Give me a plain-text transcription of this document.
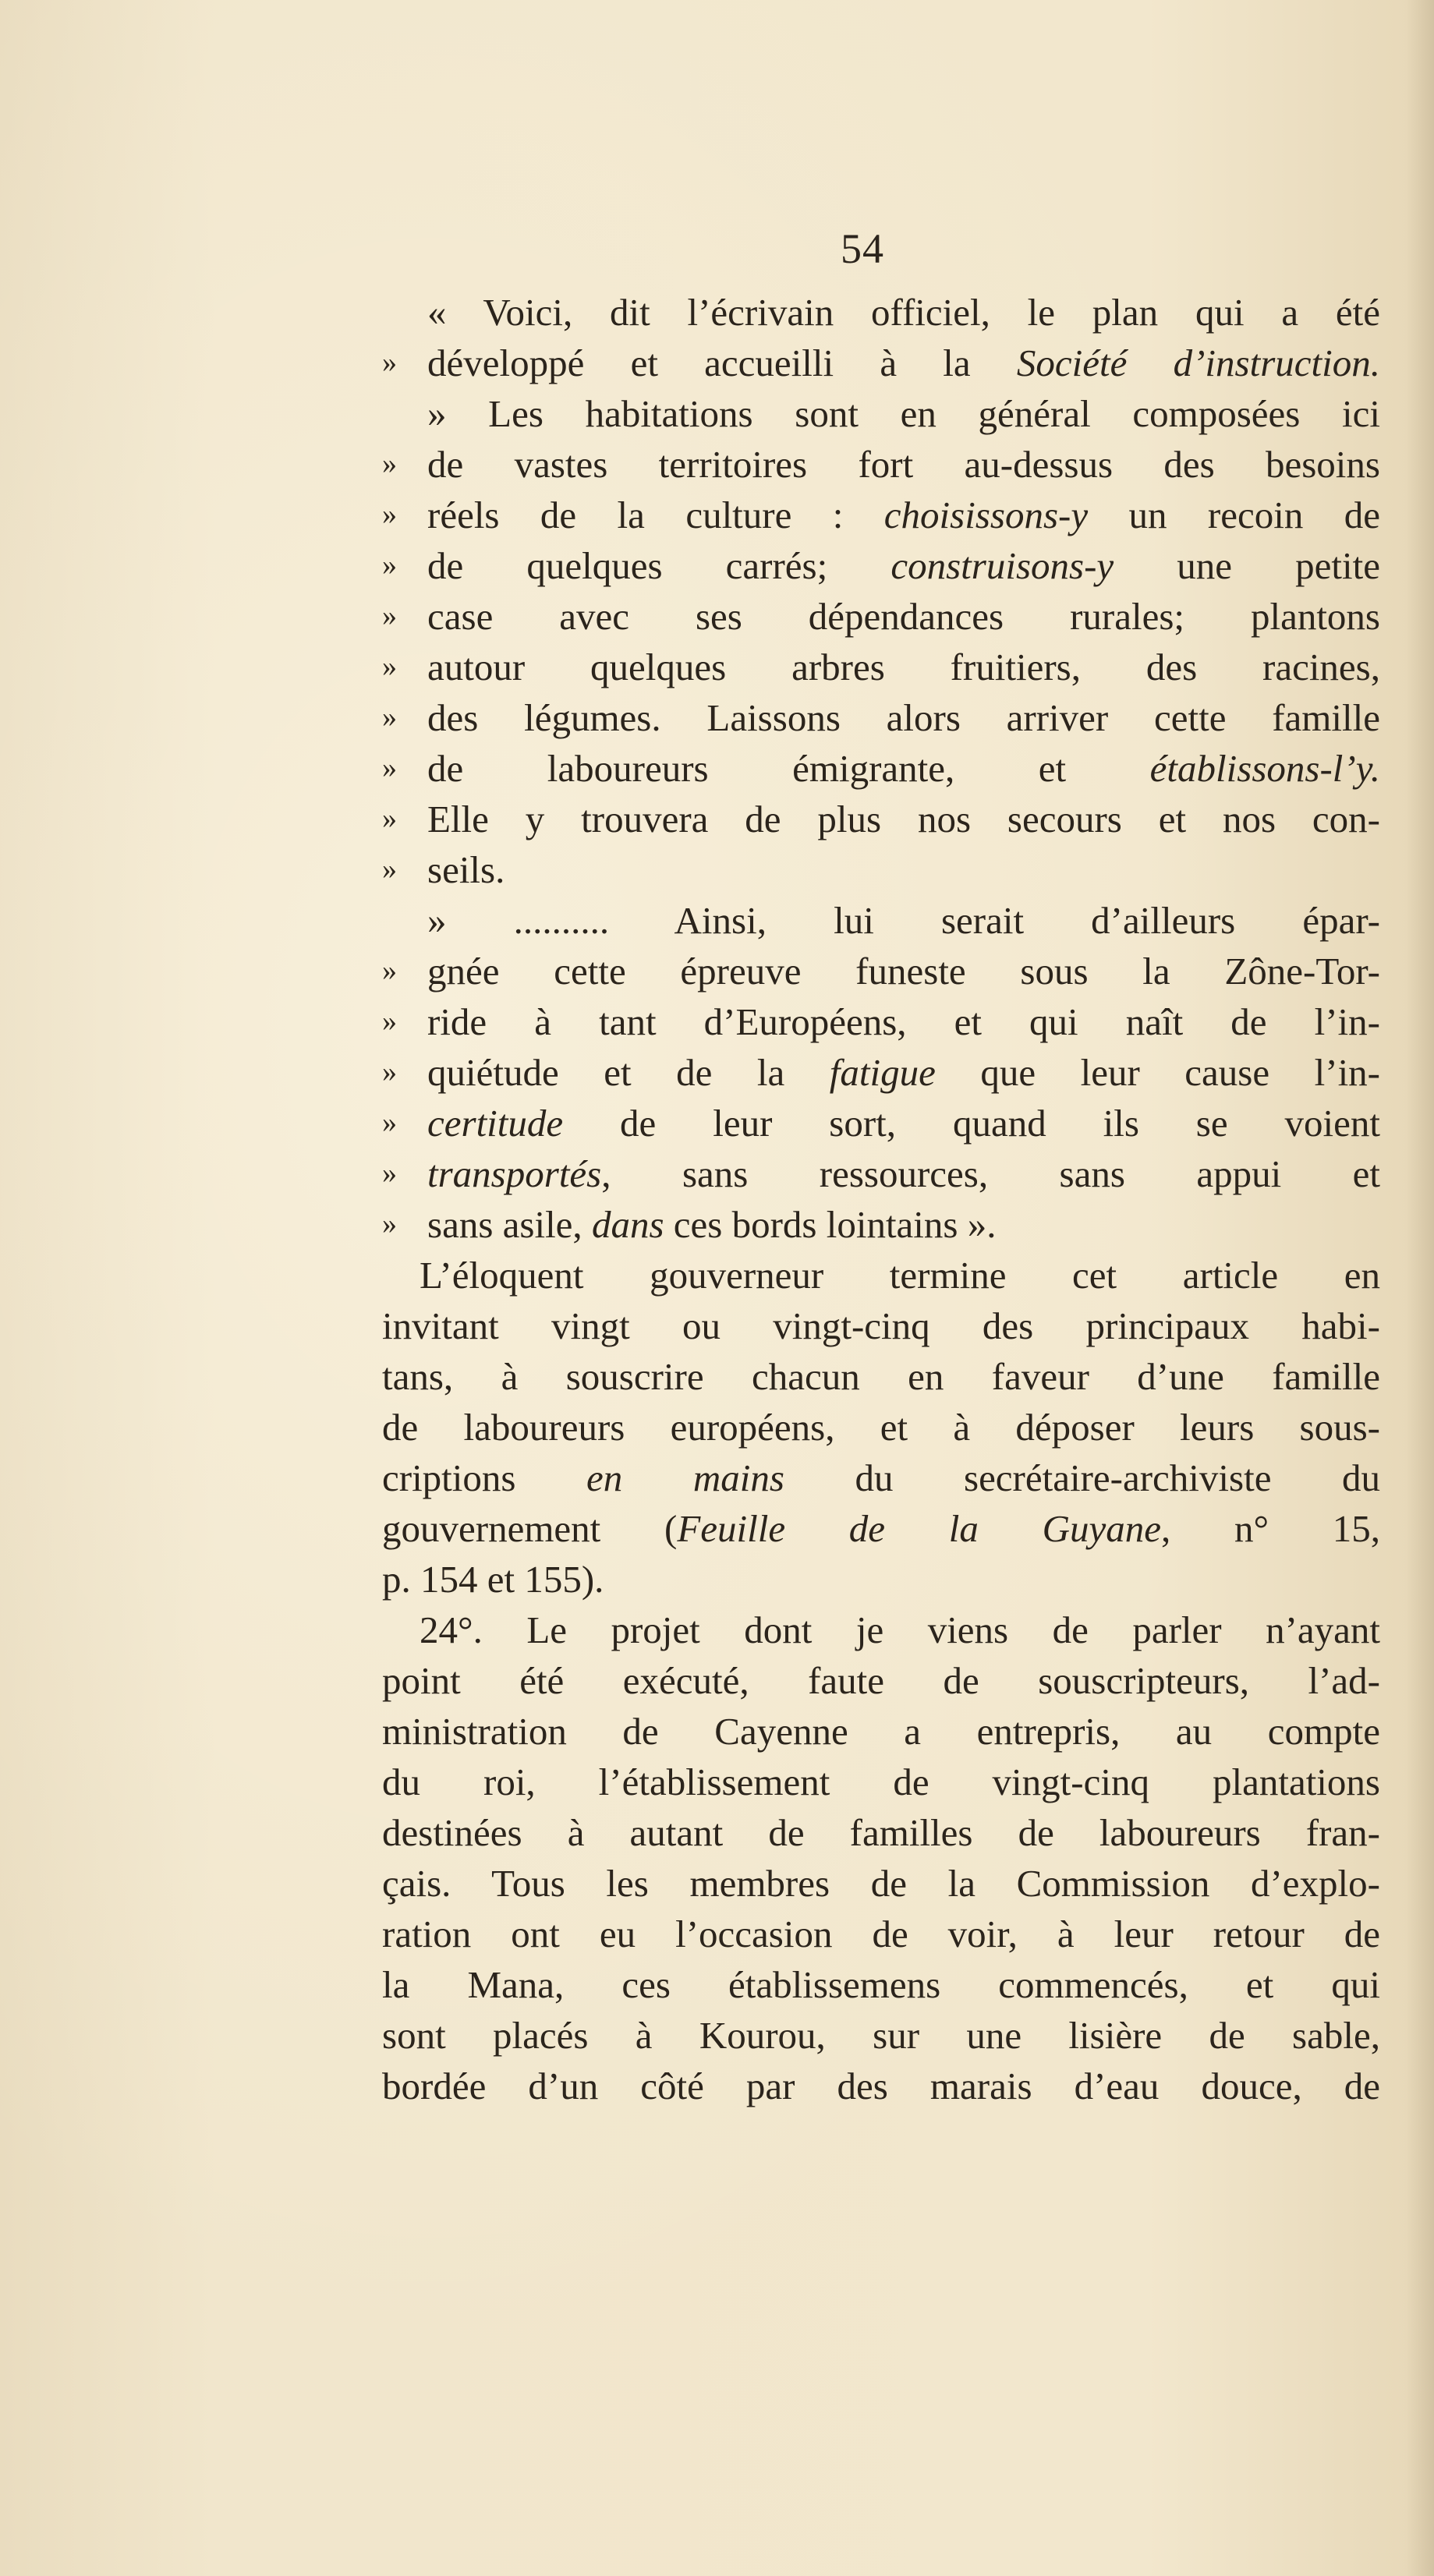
54
« Voici, dit l’écrivain officiel, le plan qui a été
» développé et accueilli à la Société d’instruction.
» Les habitations sont en général composées ici
» de vastes territoires fort au-dessus des besoins
» réels de la culture : choisissons-y un recoin de
» de quelques carrés; construisons-y une petite
» case avec ses dépendances rurales; plantons
» autour quelques arbres fruitiers, des racines,
» des légumes. Laissons alors arriver cette famille
» de laboureurs émigrante, et établissons-l’y.
» Elle y trouvera de plus nos secours et nos con-
» seils.
» .......... Ainsi, lui serait d’ailleurs épar-
» gnée cette épreuve funeste sous la Zône-Tor-
» ride à tant d’Européens, et qui naît de l’in-
» quiétude et de la fatigue que leur cause l’in-
» certitude de leur sort, quand ils se voient
» transportés, sans ressources, sans appui et
» sans asile, dans ces bords lointains ».
L’éloquent gouverneur termine cet article en
invitant vingt ou vingt-cinq des principaux habi-
tans, à souscrire chacun en faveur d’une famille
de laboureurs européens, et à déposer leurs sous-
criptions en mains du secrétaire-archiviste du
gouvernement (Feuille de la Guyane, n° 15,
p. 154 et 155).
24°. Le projet dont je viens de parler n’ayant
point été exécuté, faute de souscripteurs, l’ad-
ministration de Cayenne a entrepris, au compte
du roi, l’établissement de vingt-cinq plantations
destinées à autant de familles de laboureurs fran-
çais. Tous les membres de la Commission d’explo-
ration ont eu l’occasion de voir, à leur retour de
la Mana, ces établissemens commencés, et qui
sont placés à Kourou, sur une lisière de sable,
bordée d’un côté par des marais d’eau douce, de
